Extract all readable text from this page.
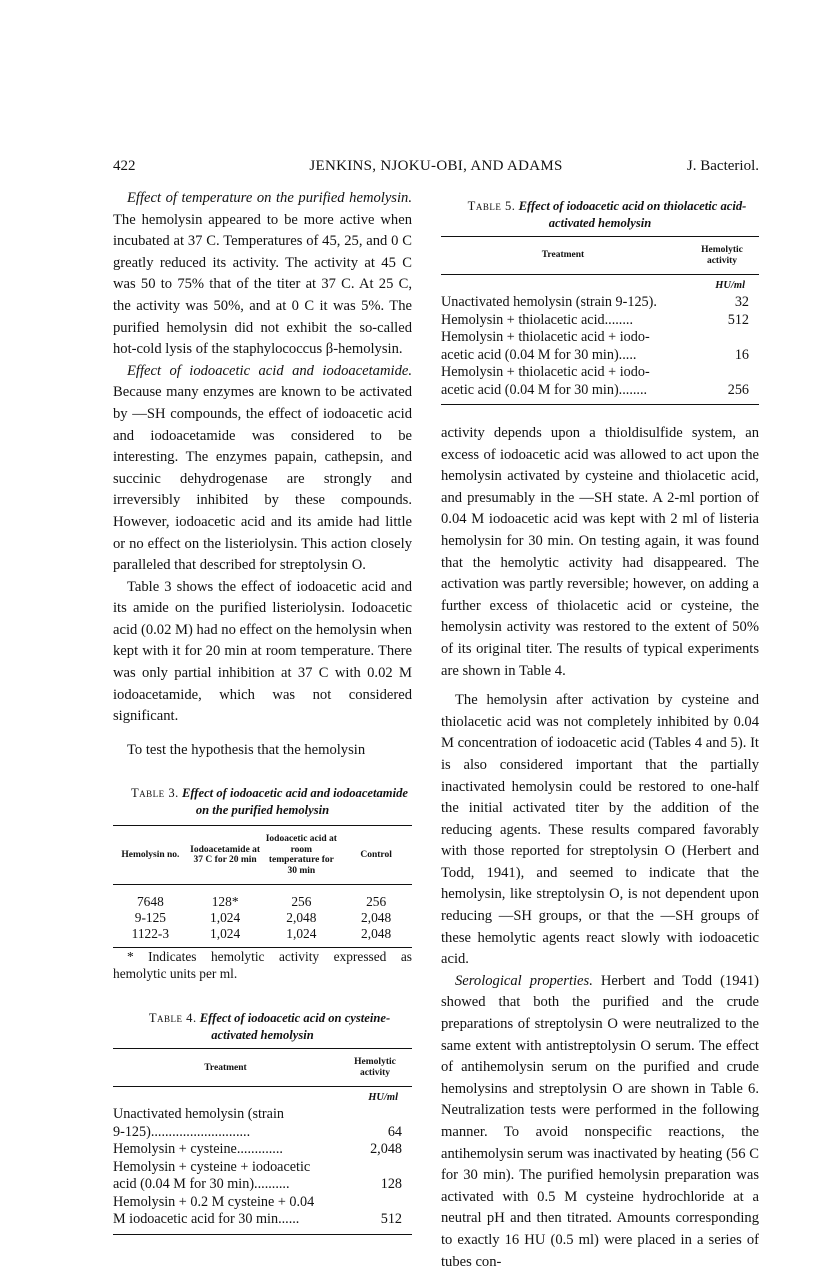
422	JENKINS, NJOKU-OBI, AND ADAMS	J. Bacteriol.

Effect of temperature on the purified hemolysin. The hemolysin appeared to be more active when incubated at 37 C. Temperatures of 45, 25, and 0 C greatly reduced its activity. The activity at 45 C was 50 to 75% that of the titer at 37 C. At 25 C, the activity was 50%, and at 0 C it was 5%. The purified hemolysin did not exhibit the so-called hot-cold lysis of the staphylococcus β-hemolysin.

Effect of iodoacetic acid and iodoacetamide. Because many enzymes are known to be activated by —SH compounds, the effect of iodoacetic acid and iodoacetamide was considered to be interesting. The enzymes papain, cathepsin, and succinic dehydrogenase are strongly and irreversibly inhibited by these compounds. However, iodoacetic acid and its amide had little or no effect on the listeriolysin. This action closely paralleled that described for streptolysin O.

Table 3 shows the effect of iodoacetic acid and its amide on the purified listeriolysin. Iodoacetic acid (0.02 M) had no effect on the hemolysin when kept with it for 20 min at room temperature. There was only partial inhibition at 37 C with 0.02 M iodoacetamide, which was not considered significant.

To test the hypothesis that the hemolysin

Table 3. Effect of iodoacetic acid and iodoacetamide on the purified hemolysin

Hemolysin no.	Iodoacetamide at 37 C for 20 min	Iodoacetic acid at room temperature for 30 min	Control
7648	128*	256	256
9-125	1,024	2,048	2,048
1122-3	1,024	1,024	2,048

* Indicates hemolytic activity expressed as hemolytic units per ml.

Table 4. Effect of iodoacetic acid on cysteine-activated hemolysin

Treatment	Hemolytic activity
	HU/ml
Unactivated hemolysin (strain
9-125)............................	64
Hemolysin + cysteine.............	2,048
Hemolysin + cysteine + iodoacetic
acid (0.04 M for 30 min)..........	128
Hemolysin + 0.2 M cysteine + 0.04
M iodoacetic acid for 30 min......	512

Table 5. Effect of iodoacetic acid on thiolacetic acid-activated hemolysin

Treatment	Hemolytic activity
	HU/ml
Unactivated hemolysin (strain 9-125).	32
Hemolysin + thiolacetic acid........	512
Hemolysin + thiolacetic acid + iodo-
acetic acid (0.04 M for 30 min).....	16
Hemolysin + thiolacetic acid + iodo-
acetic acid (0.04 M for 30 min)........	256

activity depends upon a thioldisulfide system, an excess of iodoacetic acid was allowed to act upon the hemolysin activated by cysteine and thiolacetic acid, and presumably in the —SH state. A 2-ml portion of 0.04 M iodoacetic acid was kept with 2 ml of listeria hemolysin for 30 min. On testing again, it was found that the hemolytic activity had disappeared. The activation was partly reversible; however, on adding a further excess of thiolacetic acid or cysteine, the hemolysin activity was restored to the extent of 50% of its original titer. The results of typical experiments are shown in Table 4.

The hemolysin after activation by cysteine and thiolacetic acid was not completely inhibited by 0.04 M concentration of iodoacetic acid (Tables 4 and 5). It is also considered important that the partially inactivated hemolysin could be restored to one-half the initial activated titer by the addition of the reducing agents. These results compared favorably with those reported for streptolysin O (Herbert and Todd, 1941), and seemed to indicate that the hemolysin, like streptolysin O, is not dependent upon reducing —SH groups, or that the —SH groups of these hemolytic agents react slowly with iodoacetic acid.

Serological properties. Herbert and Todd (1941) showed that both the purified and the crude preparations of streptolysin O were neutralized to the same extent with antistreptolysin O serum. The effect of antihemolysin serum on the purified and crude hemolysins and streptolysin O are shown in Table 6. Neutralization tests were performed in the following manner. To avoid nonspecific reactions, the antihemolysin serum was inactivated by heating (56 C for 30 min). The purified hemolysin preparation was activated with 0.5 M cysteine hydrochloride at a neutral pH and then titrated. Amounts corresponding to exactly 16 HU (0.5 ml) were placed in a series of tubes con-
